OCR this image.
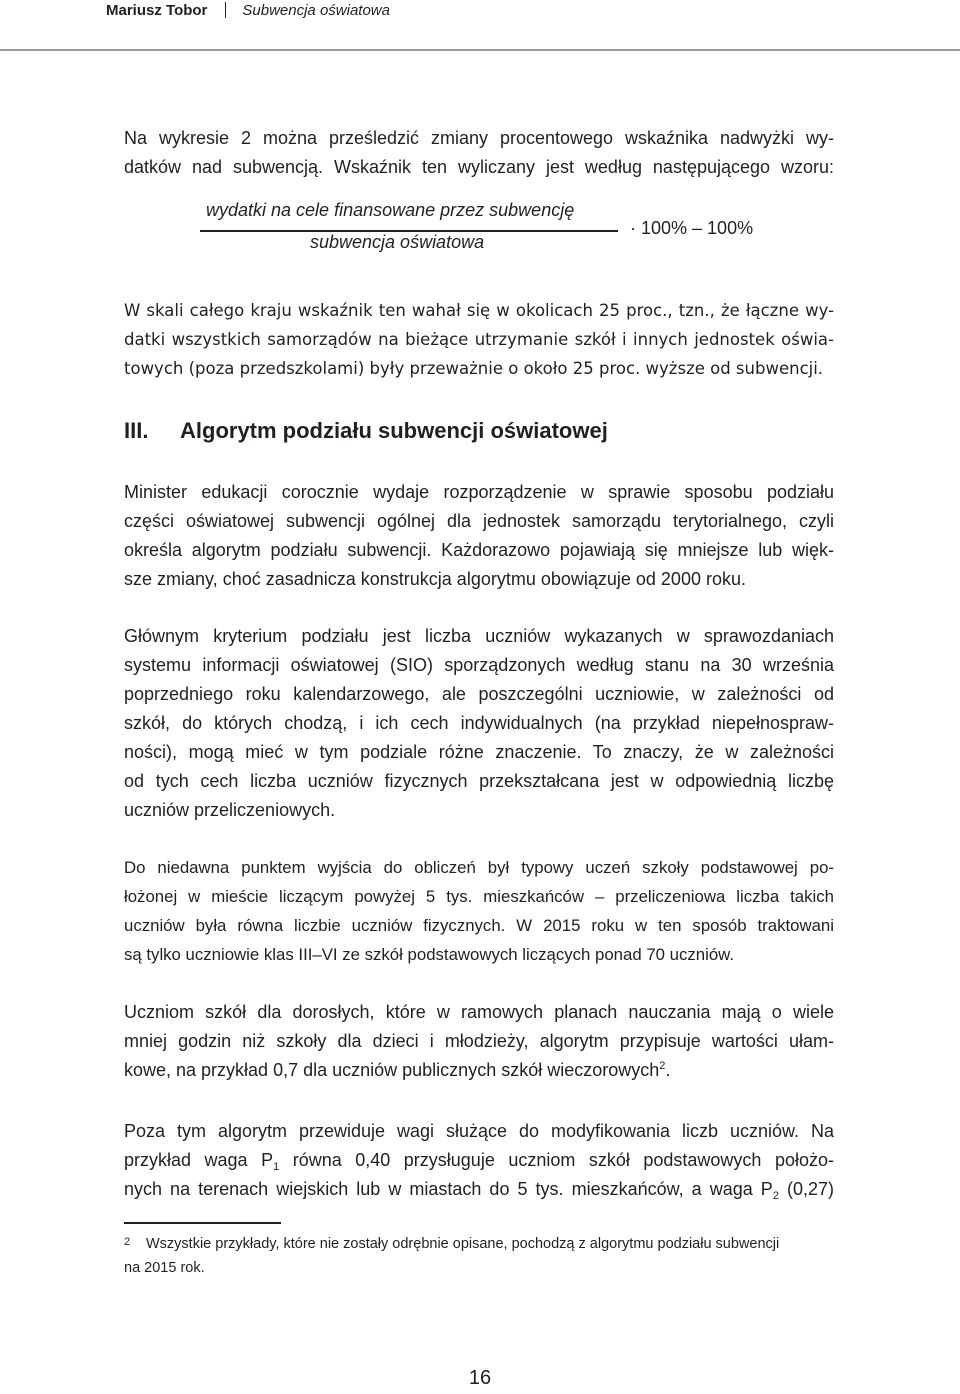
Mariusz Tobor Subwencja oświatowa

Na wykresie 2 można prześledzić zmiany procentowego wskaźnika nadwyżki wy-
datków nad subwencją. Wskaźnik ten wyliczany jest według następującego wzoru:

wydatki na cele finansowane przez subwencję
subwencja oświatowa
· 100% – 100%

W skali całego kraju wskaźnik ten wahał się w okolicach 25 proc., tzn., że łączne wy-
datki wszystkich samorządów na bieżące utrzymanie szkół i innych jednostek oświa-
towych (poza przedszkolami) były przeważnie o około 25 proc. wyższe od subwencji.

III. Algorytm podziału subwencji oświatowej

Minister edukacji corocznie wydaje rozporządzenie w sprawie sposobu podziału
części oświatowej subwencji ogólnej dla jednostek samorządu terytorialnego, czyli
określa algorytm podziału subwencji. Każdorazowo pojawiają się mniejsze lub więk-
sze zmiany, choć zasadnicza konstrukcja algorytmu obowiązuje od 2000 roku.

Głównym kryterium podziału jest liczba uczniów wykazanych w sprawozdaniach
systemu informacji oświatowej (SIO) sporządzonych według stanu na 30 września
poprzedniego roku kalendarzowego, ale poszczególni uczniowie, w zależności od
szkół, do których chodzą, i ich cech indywidualnych (na przykład niepełnospraw-
ności), mogą mieć w tym podziale różne znaczenie. To znaczy, że w zależności
od tych cech liczba uczniów fizycznych przekształcana jest w odpowiednią liczbę
uczniów przeliczeniowych.

Do niedawna punktem wyjścia do obliczeń był typowy uczeń szkoły podstawowej po-
łożonej w mieście liczącym powyżej 5 tys. mieszkańców – przeliczeniowa liczba takich
uczniów była równa liczbie uczniów fizycznych. W 2015 roku w ten sposób traktowani
są tylko uczniowie klas III–VI ze szkół podstawowych liczących ponad 70 uczniów.

Uczniom szkół dla dorosłych, które w ramowych planach nauczania mają o wiele
mniej godzin niż szkoły dla dzieci i młodzieży, algorytm przypisuje wartości ułam-
kowe, na przykład 0,7 dla uczniów publicznych szkół wieczorowych$^2$.

Poza tym algorytm przewiduje wagi służące do modyfikowania liczb uczniów. Na
przykład waga $P_1$ równa 0,40 przysługuje uczniom szkół podstawowych położo-
nych na terenach wiejskich lub w miastach do 5 tys. mieszkańców, a waga $P_2$ (0,27)

2 Wszystkie przykłady, które nie zostały odrębnie opisane, pochodzą z algorytmu podziału subwencji
na 2015 rok.
16
